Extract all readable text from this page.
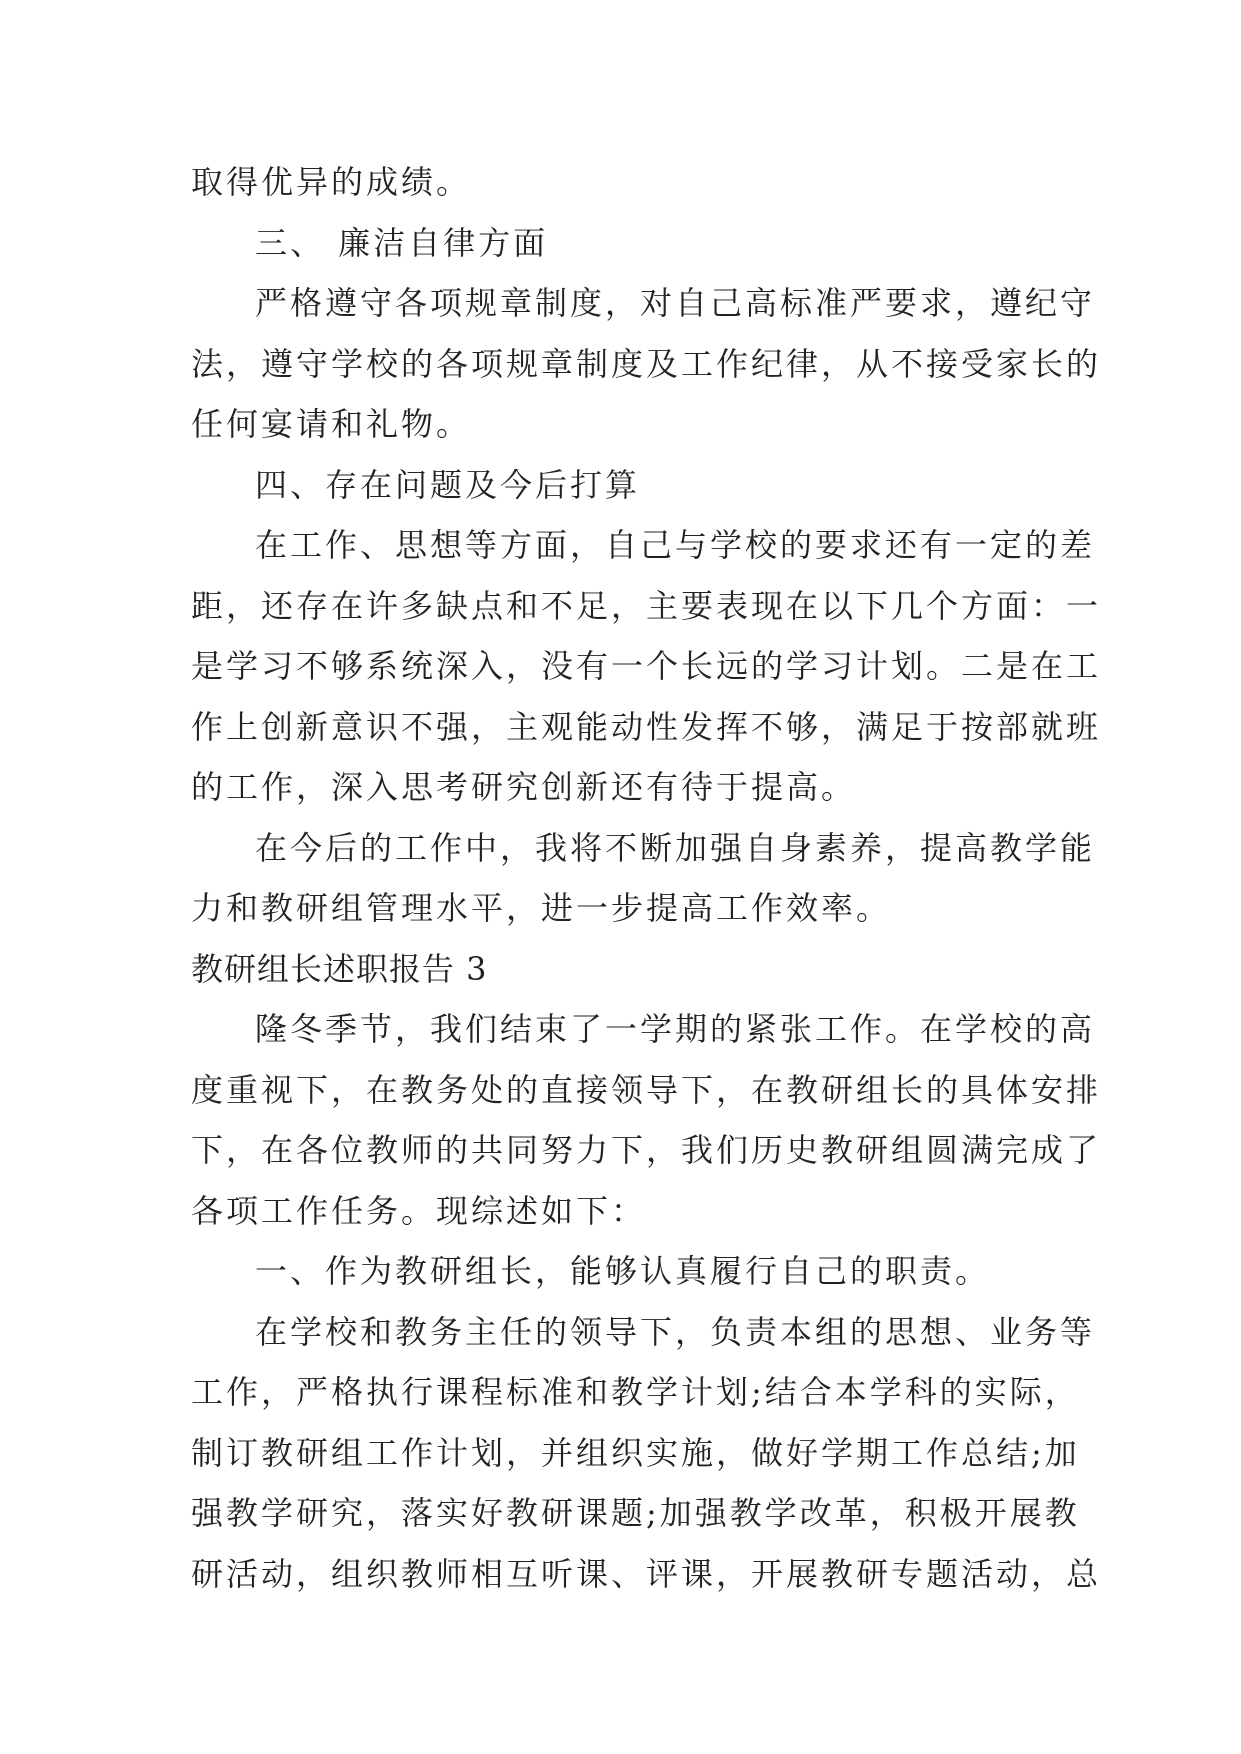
取得优异的成绩。
三、 廉洁自律方面
严格遵守各项规章制度，对自己高标准严要求，遵纪守
法，遵守学校的各项规章制度及工作纪律，从不接受家长的
任何宴请和礼物。
四、存在问题及今后打算
在工作、思想等方面，自己与学校的要求还有一定的差
距，还存在许多缺点和不足，主要表现在以下几个方面：一
是学习不够系统深入，没有一个长远的学习计划。二是在工
作上创新意识不强，主观能动性发挥不够，满足于按部就班
的工作，深入思考研究创新还有待于提高。
在今后的工作中，我将不断加强自身素养，提高教学能
力和教研组管理水平，进一步提高工作效率。
教研组长述职报告 3
隆冬季节，我们结束了一学期的紧张工作。在学校的高
度重视下，在教务处的直接领导下，在教研组长的具体安排
下，在各位教师的共同努力下，我们历史教研组圆满完成了
各项工作任务。现综述如下：
一、作为教研组长，能够认真履行自己的职责。
在学校和教务主任的领导下，负责本组的思想、业务等
工作，严格执行课程标准和教学计划;结合本学科的实际，
制订教研组工作计划，并组织实施，做好学期工作总结;加
强教学研究，落实好教研课题;加强教学改革，积极开展教
研活动，组织教师相互听课、评课，开展教研专题活动，总
